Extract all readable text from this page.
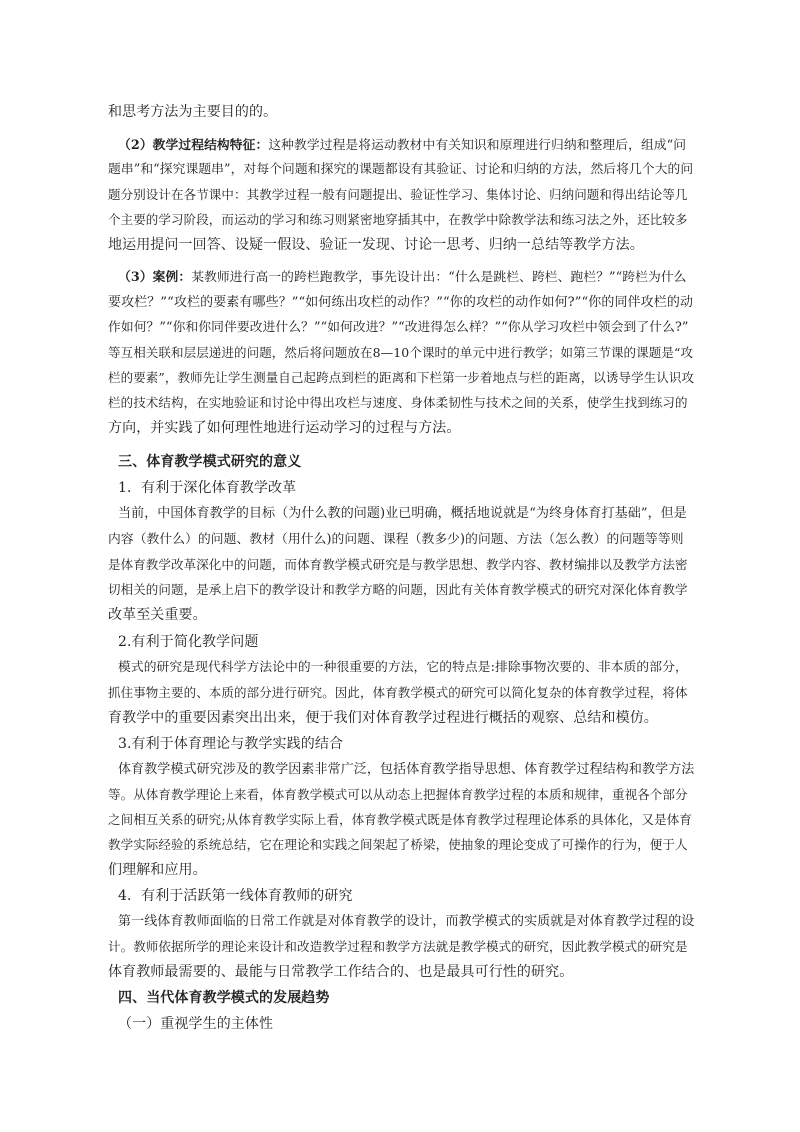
和思考方法为主要目的的。
（2）教学过程结构特征：这种教学过程是将运动教材中有关知识和原理进行归纳和整理后，组成“问
题串”和“探究课题串”，对每个问题和探究的课题都设有其验证、讨论和归纳的方法，然后将几个大的问
题分别设计在各节课中：其教学过程一般有问题提出、验证性学习、集体讨论、归纳问题和得出结论等几
个主要的学习阶段，而运动的学习和练习则紧密地穿插其中，在教学中除教学法和练习法之外，还比较多
地运用提问一回答、设疑一假设、验证一发现、讨论一思考、归纳一总结等教学方法。
（3）案例：某教师进行高一的跨栏跑教学，事先设计出：“什么是跳栏、跨栏、跑栏？”“跨栏为什么
要攻栏？”“攻栏的要素有哪些？”“如何练出攻栏的动作？”“你的攻栏的动作如何?”“你的同伴攻栏的动
作如何？”“你和你同伴要改进什么？”“如何改进？”“改进得怎么样？”“你从学习攻栏中领会到了什么?”
等互相关联和层层递进的问题，然后将问题放在8—10个课时的单元中进行教学；如第三节课的课题是“攻
栏的要素”，教师先让学生测量自己起跨点到栏的距离和下栏第一步着地点与栏的距离，以诱导学生认识攻
栏的技术结构，在实地验证和讨论中得出攻栏与速度、身体柔韧性与技术之间的关系，使学生找到练习的
方向，并实践了如何理性地进行运动学习的过程与方法。
三、体育教学模式研究的意义
1．有利于深化体育教学改革
当前，中国体育教学的目标（为什么教的问题)业已明确，概括地说就是“为终身体育打基础”，但是
内容（教什么）的问题、教材（用什么)的问题、课程（教多少)的问题、方法（怎么教）的问题等等则
是体育教学改革深化中的问题，而体育教学模式研究是与教学思想、教学内容、教材编排以及教学方法密
切相关的问题，是承上启下的教学设计和教学方略的问题，因此有关体育教学模式的研究对深化体育教学
改革至关重要。
2.有利于简化教学问题
模式的研究是现代科学方法论中的一种很重要的方法，它的特点是:排除事物次要的、非本质的部分，
抓住事物主要的、本质的部分进行研究。因此，体育教学模式的研究可以简化复杂的体育教学过程，将体
育教学中的重要因素突出出来，便于我们对体育教学过程进行概括的观察、总结和模仿。
3.有利于体育理论与教学实践的结合
体育教学模式研究涉及的教学因素非常广泛，包括体育教学指导思想、体育教学过程结构和教学方法
等。从体育教学理论上来看，体育教学模式可以从动态上把握体育教学过程的本质和规律，重视各个部分
之间相互关系的研究;从体育教学实际上看，体育教学模式既是体育教学过程理论体系的具体化，又是体育
教学实际经验的系统总结，它在理论和实践之间架起了桥梁，使抽象的理论变成了可操作的行为，便于人
们理解和应用。
4．有利于活跃第一线体育教师的研究
第一线体育教师面临的日常工作就是对体育教学的设计，而教学模式的实质就是对体育教学过程的设
计。教师依据所学的理论来设计和改造教学过程和教学方法就是教学模式的研究，因此教学模式的研究是
体育教师最需要的、最能与日常教学工作结合的、也是最具可行性的研究。
四、当代体育教学模式的发展趋势
（一）重视学生的主体性
